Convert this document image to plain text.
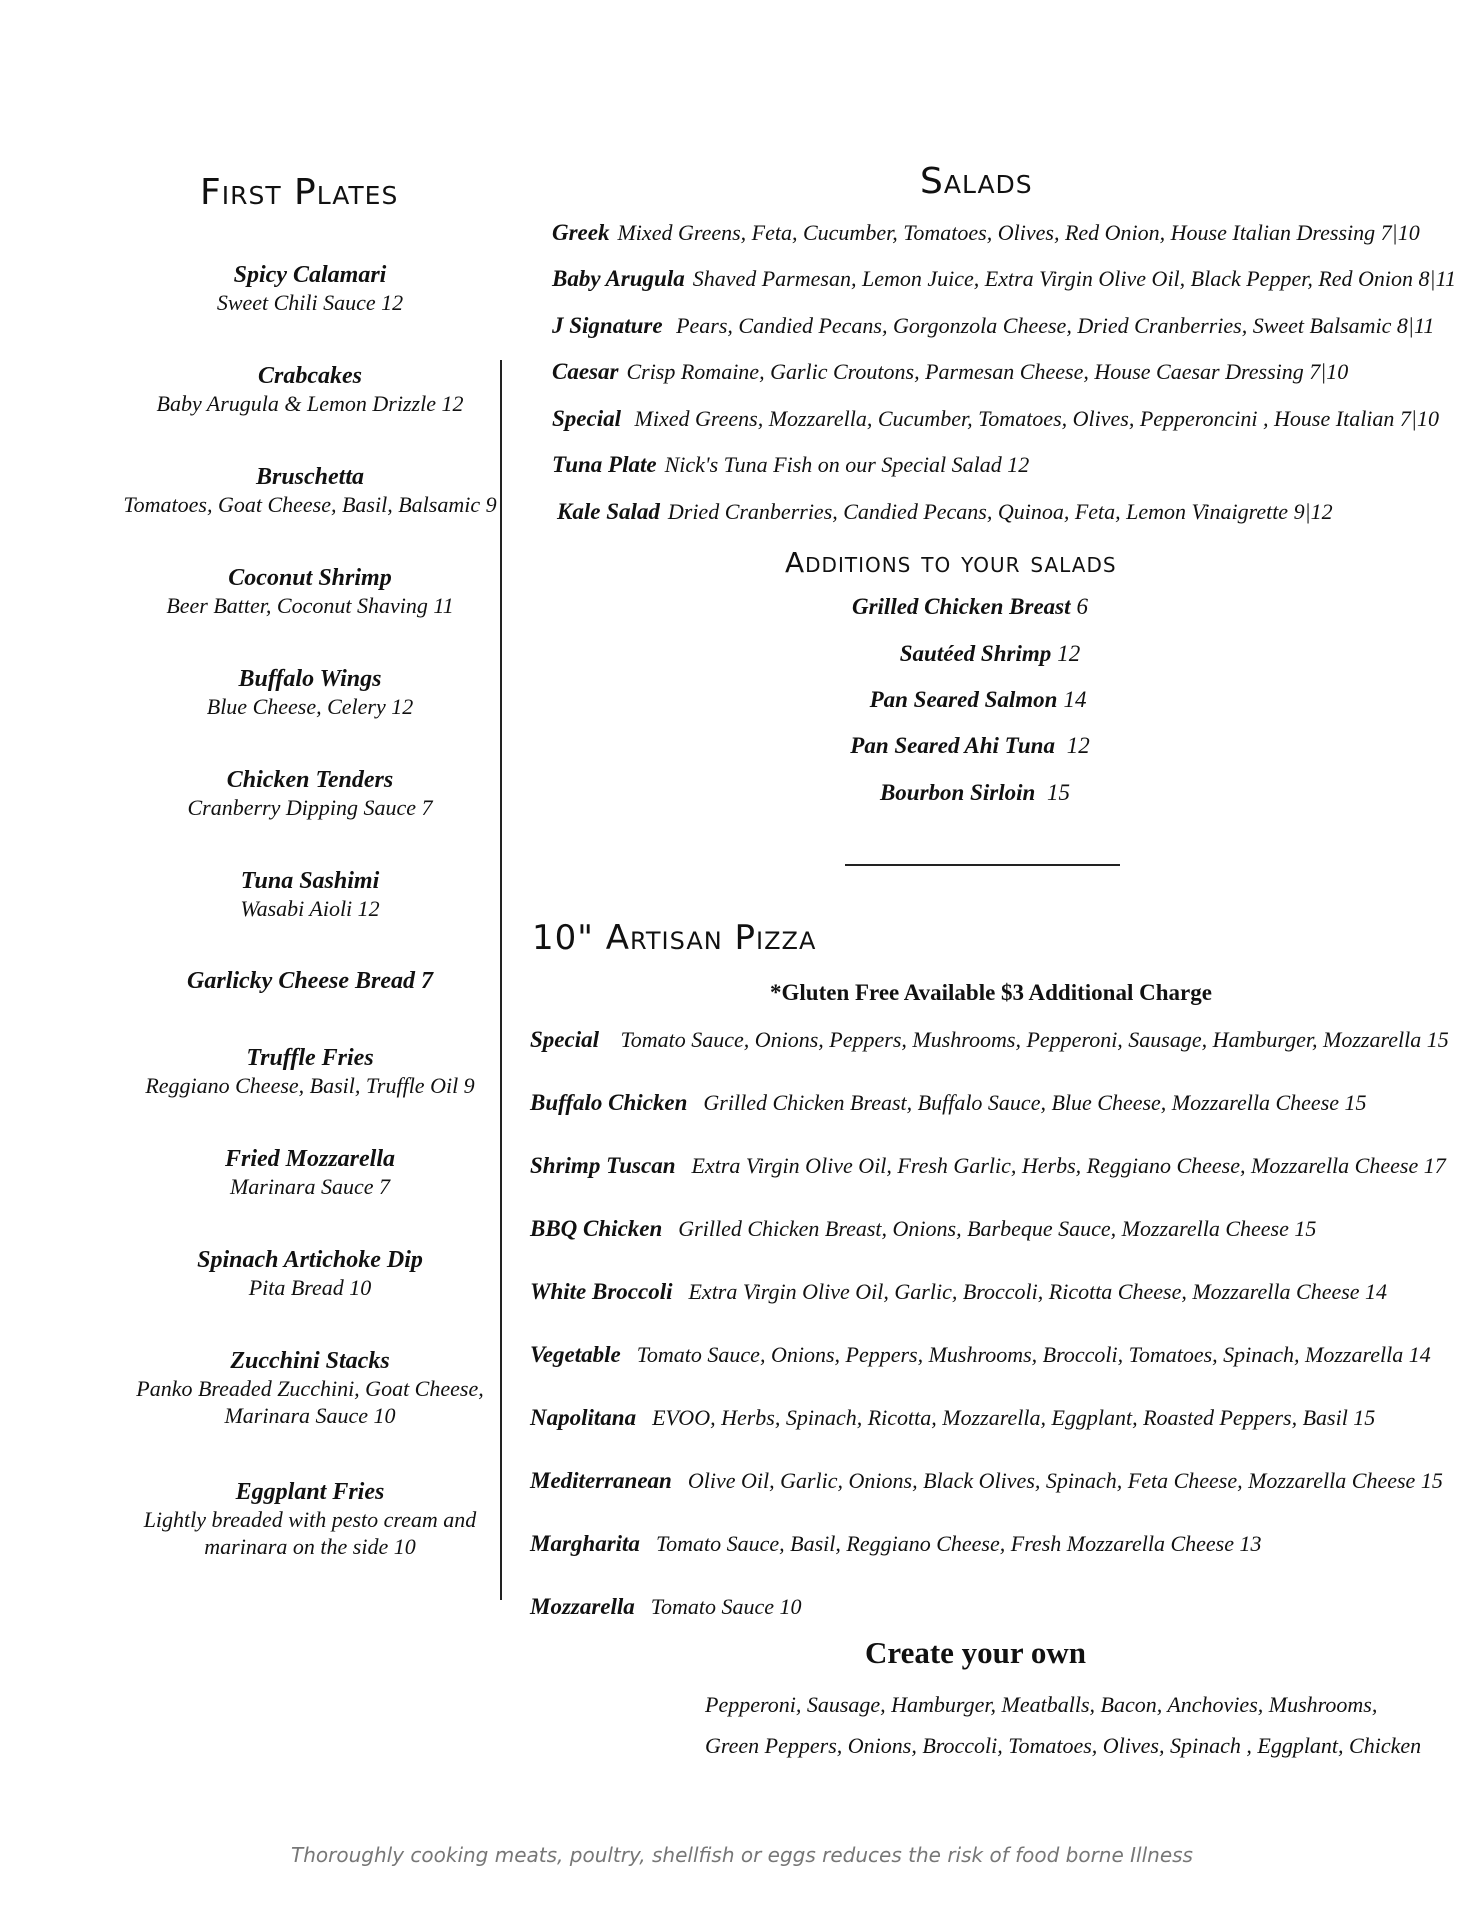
First Plates
Spicy Calamari
Sweet Chili Sauce 12
Crabcakes
Baby Arugula & Lemon Drizzle 12
Bruschetta
Tomatoes, Goat Cheese, Basil, Balsamic 9
Coconut Shrimp
Beer Batter, Coconut Shaving 11
Buffalo Wings
Blue Cheese, Celery 12
Chicken Tenders
Cranberry Dipping Sauce 7
Tuna Sashimi
Wasabi Aioli 12
Garlicky Cheese Bread 7
Truffle Fries
Reggiano Cheese, Basil, Truffle Oil 9
Fried Mozzarella
Marinara Sauce 7
Spinach Artichoke Dip
Pita Bread 10
Zucchini Stacks
Panko Breaded Zucchini, Goat Cheese,
Marinara Sauce 10
Eggplant Fries
Lightly breaded with pesto cream and
marinara on the side 10
Salads
Greek Mixed Greens, Feta, Cucumber, Tomatoes, Olives, Red Onion, House Italian Dressing 7|10
Baby Arugula Shaved Parmesan, Lemon Juice, Extra Virgin Olive Oil, Black Pepper, Red Onion 8|11
J Signature Pears, Candied Pecans, Gorgonzola Cheese, Dried Cranberries, Sweet Balsamic 8|11
Caesar Crisp Romaine, Garlic Croutons, Parmesan Cheese, House Caesar Dressing 7|10
Special Mixed Greens, Mozzarella, Cucumber, Tomatoes, Olives, Pepperoncini , House Italian 7|10
Tuna Plate Nick's Tuna Fish on our Special Salad 12
Kale Salad Dried Cranberries, Candied Pecans, Quinoa, Feta, Lemon Vinaigrette 9|12
Additions to your salads
Grilled Chicken Breast 6
Sautéed Shrimp 12
Pan Seared Salmon 14
Pan Seared Ahi Tuna 12
Bourbon Sirloin 15
10" Artisan Pizza
*Gluten Free Available $3 Additional Charge
Special Tomato Sauce, Onions, Peppers, Mushrooms, Pepperoni, Sausage, Hamburger, Mozzarella 15
Buffalo Chicken Grilled Chicken Breast, Buffalo Sauce, Blue Cheese, Mozzarella Cheese 15
Shrimp Tuscan Extra Virgin Olive Oil, Fresh Garlic, Herbs, Reggiano Cheese, Mozzarella Cheese 17
BBQ Chicken Grilled Chicken Breast, Onions, Barbeque Sauce, Mozzarella Cheese 15
White Broccoli Extra Virgin Olive Oil, Garlic, Broccoli, Ricotta Cheese, Mozzarella Cheese 14
Vegetable Tomato Sauce, Onions, Peppers, Mushrooms, Broccoli, Tomatoes, Spinach, Mozzarella 14
Napolitana EVOO, Herbs, Spinach, Ricotta, Mozzarella, Eggplant, Roasted Peppers, Basil 15
Mediterranean Olive Oil, Garlic, Onions, Black Olives, Spinach, Feta Cheese, Mozzarella Cheese 15
Margharita Tomato Sauce, Basil, Reggiano Cheese, Fresh Mozzarella Cheese 13
Mozzarella Tomato Sauce 10
Create your own
Pepperoni, Sausage, Hamburger, Meatballs, Bacon, Anchovies, Mushrooms,
Green Peppers, Onions, Broccoli, Tomatoes, Olives, Spinach , Eggplant, Chicken
Thoroughly cooking meats, poultry, shellfish or eggs reduces the risk of food borne Illness
